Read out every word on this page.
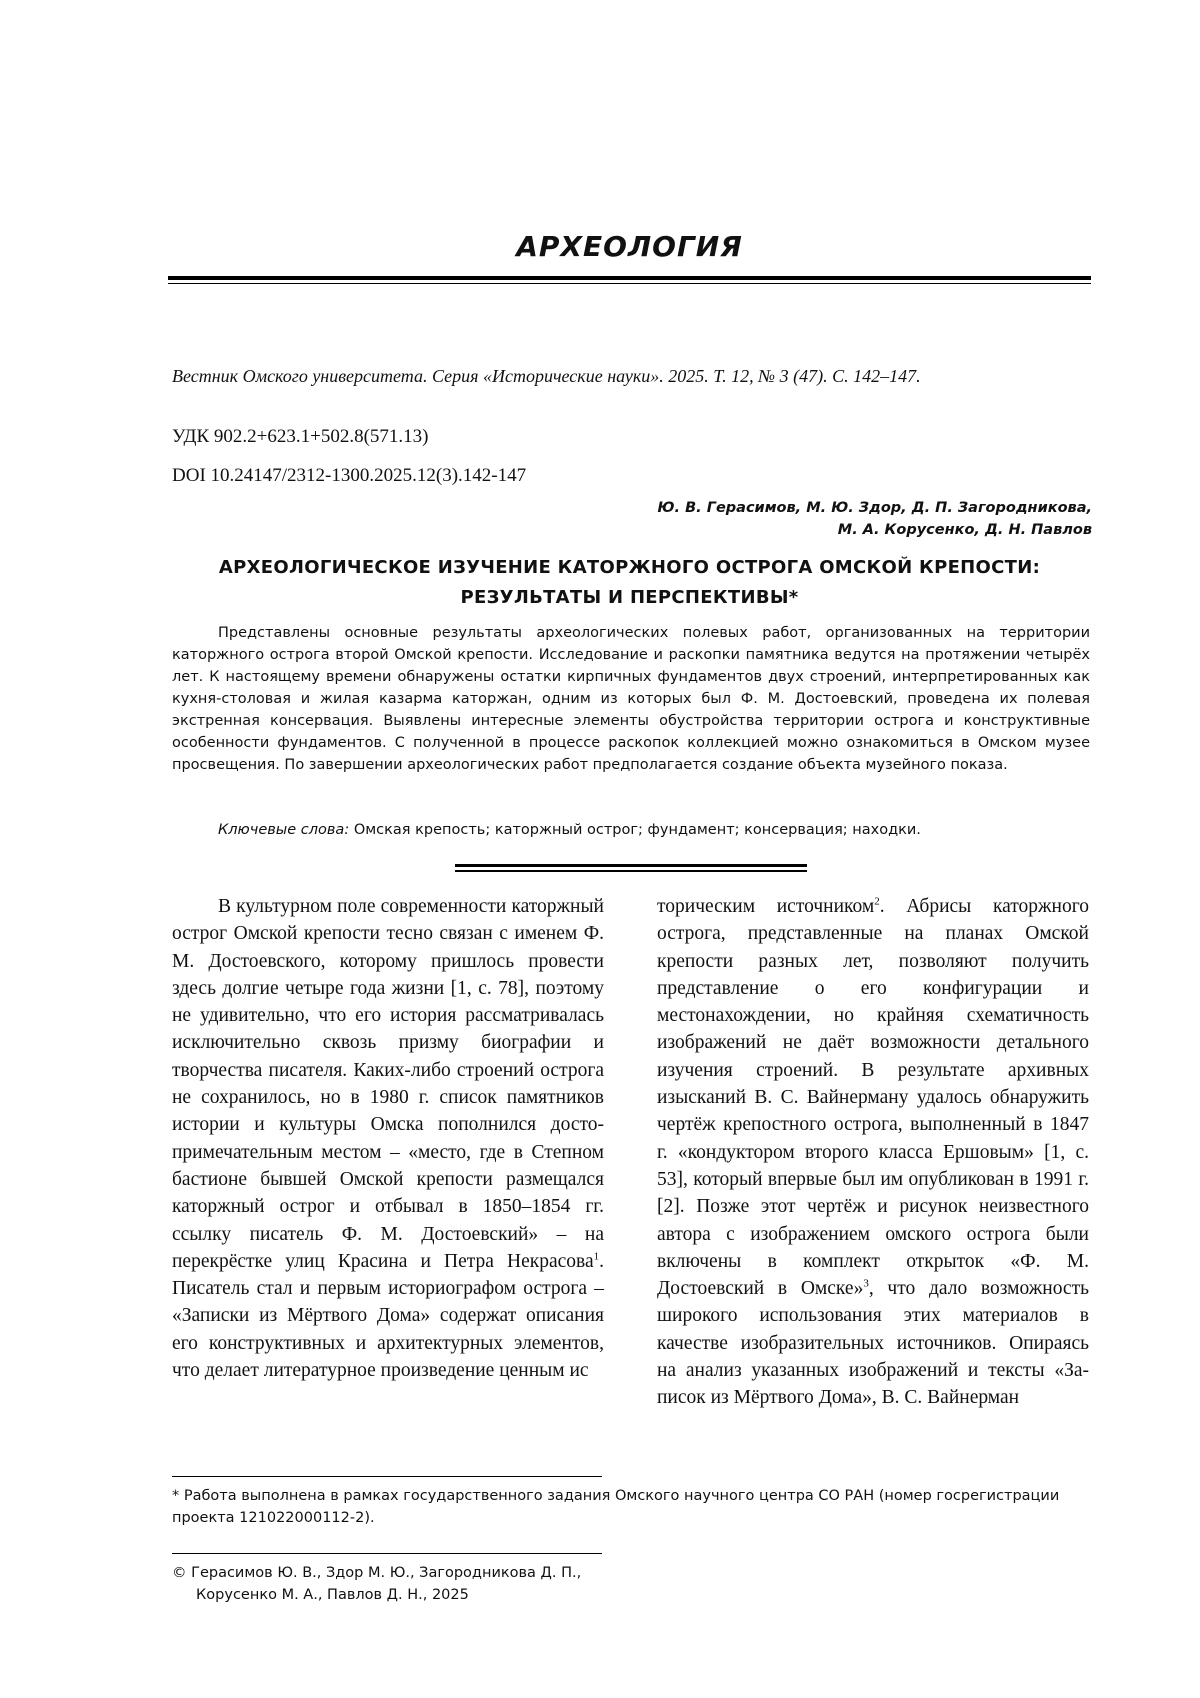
АРХЕОЛОГИЯ
Вестник Омского университета. Серия «Исторические науки». 2025. Т. 12, № 3 (47). С. 142–147.
УДК 902.2+623.1+502.8(571.13)
DOI 10.24147/2312-1300.2025.12(3).142-147
Ю. В. Герасимов, М. Ю. Здор, Д. П. Загородникова,
М. А. Корусенко, Д. Н. Павлов
АРХЕОЛОГИЧЕСКОЕ ИЗУЧЕНИЕ КАТОРЖНОГО ОСТРОГА ОМСКОЙ КРЕПОСТИ:
РЕЗУЛЬТАТЫ И ПЕРСПЕКТИВЫ*

Представлены основные результаты археологических полевых работ, организованных на территории каторжного острога второй Омской крепости. Исследование и раскопки памятника ведутся на протяжении четырёх лет. К настоящему времени обнаружены остатки кирпичных фундаментов двух строений, интерпретированных как кухня-столовая и жилая казарма каторжан, одним из которых был Ф. М. Достоевский, проведена их полевая экстренная консервация. Выявлены интересные элементы обустройства территории острога и конструктивные особенности фундаментов. С полученной в процессе раскопок коллекцией можно ознакомиться в Омском музее просвещения. По завершении археологических работ предполагается создание объекта музейного показа.

Ключевые слова: Омская крепость; каторжный острог; фундамент; консервация; находки.

В культурном поле современности каторжный острог Омской крепости тесно связан с именем Ф. М. Достоевского, которому пришлось провести здесь долгие четыре года жизни [1, с. 78], поэтому не удивительно, что его история рассматривалась исключительно сквозь призму биографии и творчества писателя. Каких-либо строений острога не сохранилось, но в 1980 г. список памятников истории и культуры Омска пополнился достопримечательным местом – «место, где в Степном бастионе бывшей Омской крепости размещался каторжный острог и отбывал в 1850–1854 гг. ссылку писатель Ф. М. Достоевский» – на перекрёстке улиц Красина и Петра Некрасова$^1$. Писатель стал и первым историографом острога – «Записки из Мёртвого Дома» содержат описания его конструктивных и архитектурных элементов, что делает литературное произведение ценным ис

торическим источником$^2$. Абрисы каторжного острога, представленные на планах Омской крепости разных лет, позволяют получить представление о его конфигурации и местонахождении, но крайняя схематичность изображений не даёт возможности детального изучения строений. В результате архивных изысканий В. С. Вайнерману удалось обнаружить чертёж крепостного острога, выполненный в 1847 г. «кондуктором второго класса Ершовым» [1, с. 53], который впервые был им опубликован в 1991 г. [2]. Позже этот чертёж и рисунок неизвестного автора с изображением омского острога были включены в комплект открыток «Ф. М. Достоевский в Омске»$^3$, что дало возможность широкого использования этих материалов в качестве изобразительных источников. Опираясь на анализ указанных изображений и тексты «Записок из Мёртвого Дома», В. С. Вайнерман

* Работа выполнена в рамках государственного задания Омского научного центра СО РАН (номер госрегистрации проекта 121022000112-2).

© Герасимов Ю. В., Здор М. Ю., Загородникова Д. П.,
Корусенко М. А., Павлов Д. Н., 2025
